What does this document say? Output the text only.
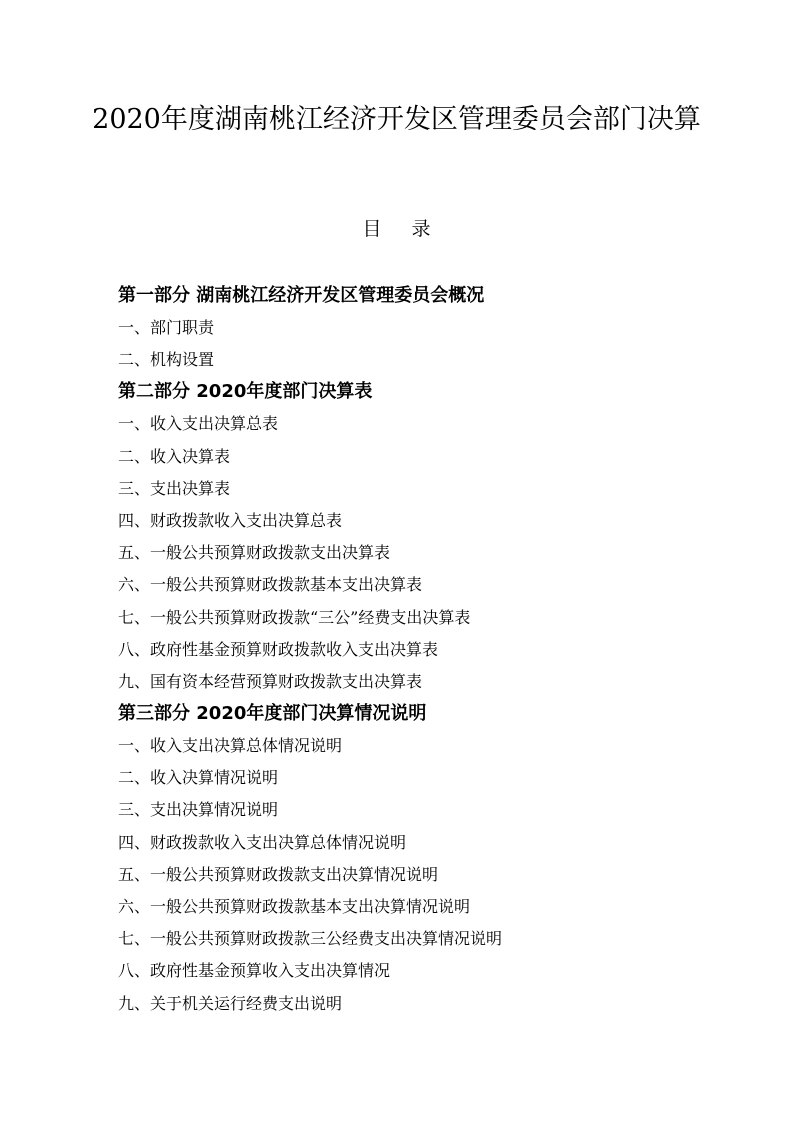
2020年度湖南桃江经济开发区管理委员会部门决算
目 录
第一部分 湖南桃江经济开发区管理委员会概况
一、部门职责
二、机构设置
第二部分 2020年度部门决算表
一、收入支出决算总表
二、收入决算表
三、支出决算表
四、财政拨款收入支出决算总表
五、一般公共预算财政拨款支出决算表
六、一般公共预算财政拨款基本支出决算表
七、一般公共预算财政拨款“三公”经费支出决算表
八、政府性基金预算财政拨款收入支出决算表
九、国有资本经营预算财政拨款支出决算表
第三部分 2020年度部门决算情况说明
一、收入支出决算总体情况说明
二、收入决算情况说明
三、支出决算情况说明
四、财政拨款收入支出决算总体情况说明
五、一般公共预算财政拨款支出决算情况说明
六、一般公共预算财政拨款基本支出决算情况说明
七、一般公共预算财政拨款三公经费支出决算情况说明
八、政府性基金预算收入支出决算情况
九、关于机关运行经费支出说明
